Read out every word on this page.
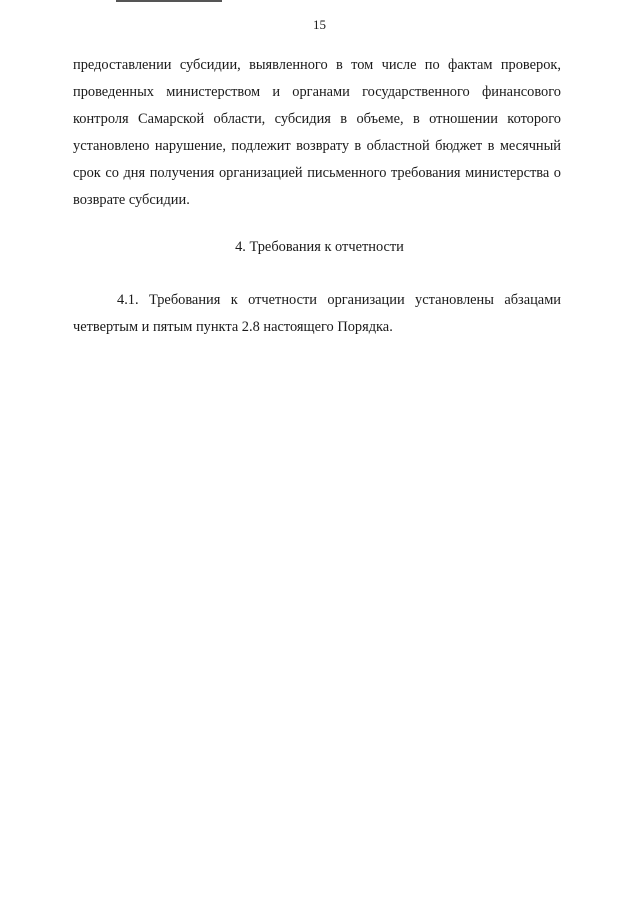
15

предоставлении субсидии, выявленного в том числе по фактам проверок, проведенных министерством и органами государственного финансового контроля Самарской области, субсидия в объеме, в отношении которого установлено нарушение, подлежит возврату в областной бюджет в месячный срок со дня получения организацией письменного требования министерства о возврате субсидии.

4. Требования к отчетности

4.1. Требования к отчетности организации установлены абзацами четвертым и пятым пункта 2.8 настоящего Порядка.
